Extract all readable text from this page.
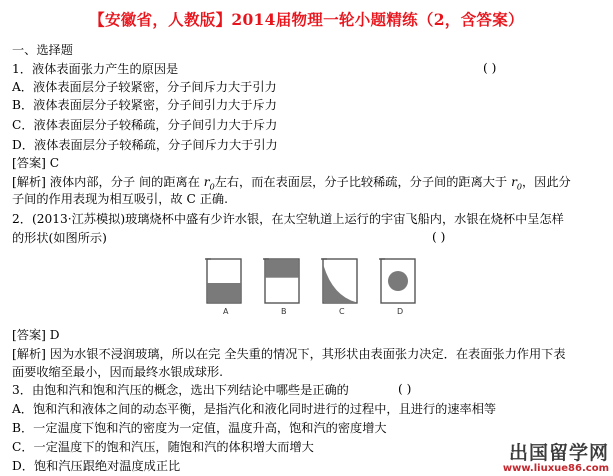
【安徽省，人教版】2014届物理一轮小题精练（2，含答案）
一、选择题
1．液体表面张力产生的原因是	( )
A．液体表面层分子较紧密，分子间斥力大于引力
B．液体表面层分子较紧密，分子间引力大于斥力
C．液体表面层分子较稀疏，分子间引力大于斥力
D．液体表面层分子较稀疏，分子间斥力大于引力
[答案] C
[解析] 液体内部，分子 间的距离在 $r_0$左右，而在表面层，分子比较稀疏，分子间的距离大于 $r_0$，因此分
子间的作用表现为相互吸引，故 C 正确.
2．(2013·江苏模拟)玻璃烧杯中盛有少许水银，在太空轨道上运行的宇宙飞船内，水银在烧杯中呈怎样
的形状(如图所示)	( )
A	B	C	D
[答案] D
[解析] 因为水银不浸润玻璃，所以在完 全失重的情况下，其形状由表面张力决定．在表面张力作用下表
面要收缩至最小，因而最终水银成球形.
3．由饱和汽和饱和汽压的概念，选出下列结论中哪些是正确的	( )
A．饱和汽和液体之间的动态平衡，是指汽化和液化同时进行的过程中，且进行的速率相等
B．一定温度下饱和汽的密度为一定值，温度升高，饱和汽的密度增大
C．一定温度下的饱和汽压，随饱和汽的体积增大而增大
D．饱和汽压跟绝对温度成正比
出国留学网
www.liuxue86.com
